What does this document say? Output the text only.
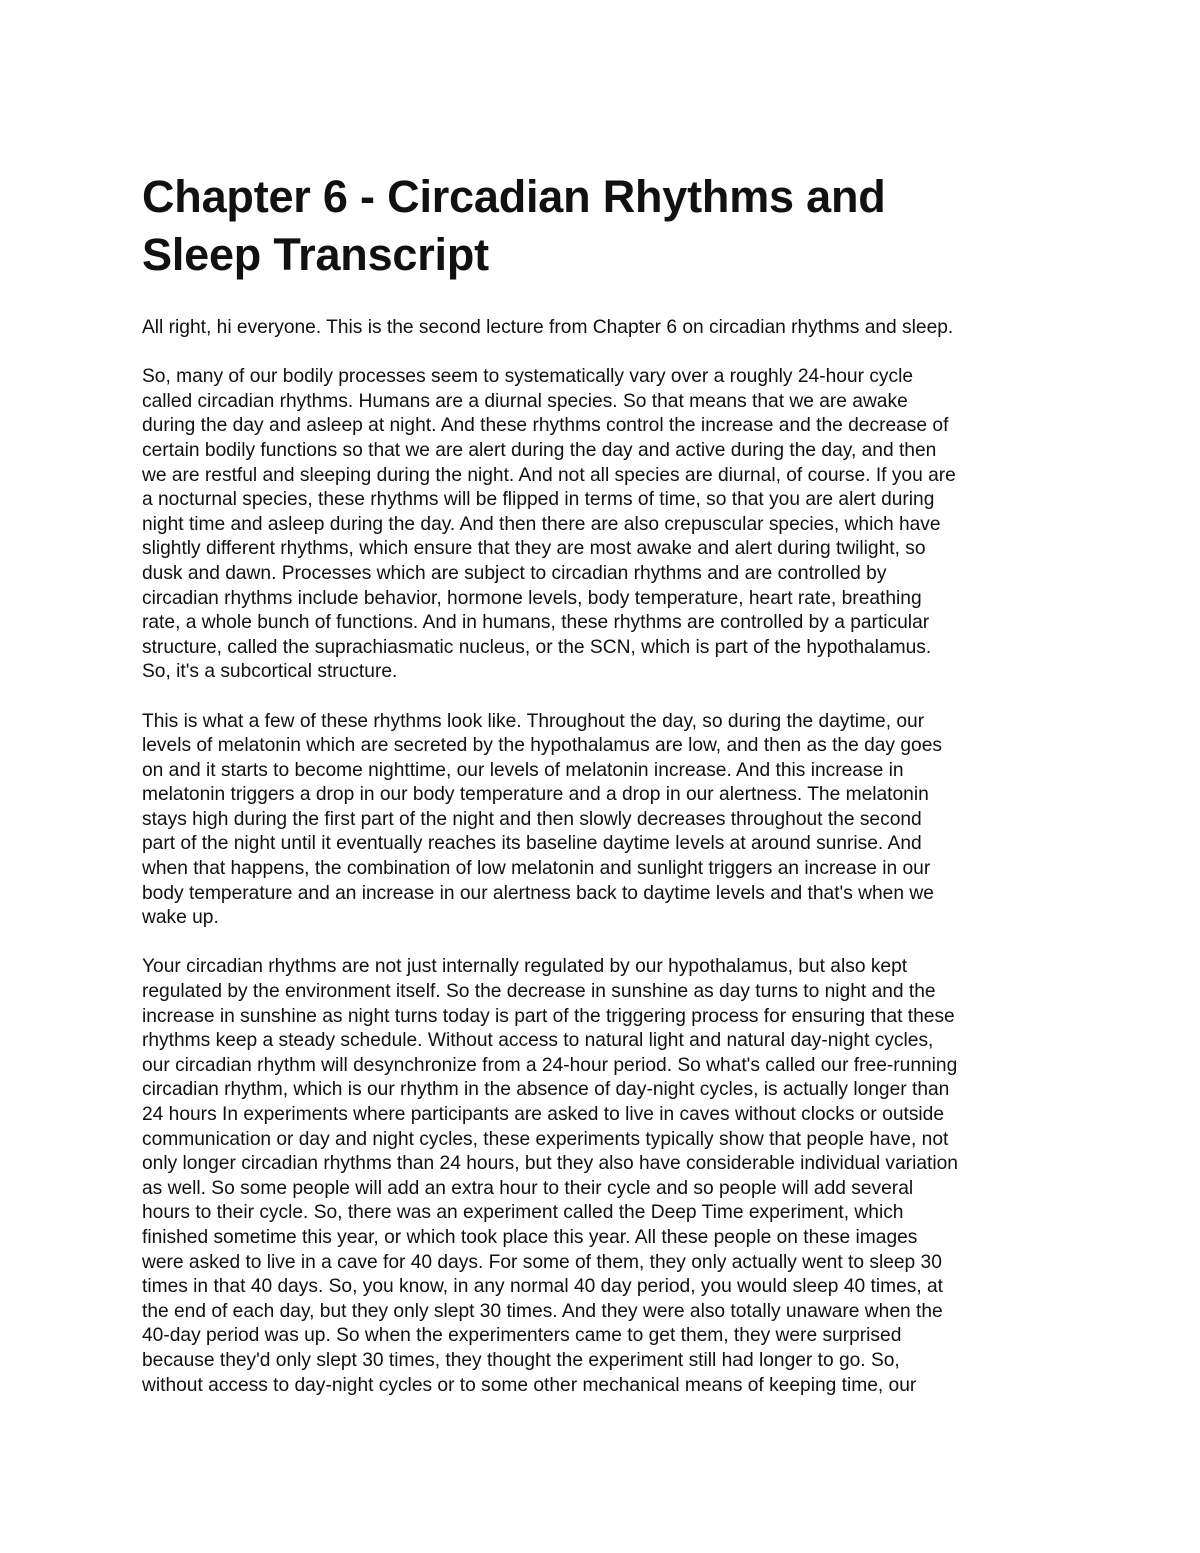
Chapter 6 - Circadian Rhythms and
Sleep Transcript
All right, hi everyone. This is the second lecture from Chapter 6 on circadian rhythms and sleep.
So, many of our bodily processes seem to systematically vary over a roughly 24-hour cycle
called circadian rhythms. Humans are a diurnal species. So that means that we are awake
during the day and asleep at night. And these rhythms control the increase and the decrease of
certain bodily functions so that we are alert during the day and active during the day, and then
we are restful and sleeping during the night. And not all species are diurnal, of course. If you are
a nocturnal species, these rhythms will be flipped in terms of time, so that you are alert during
night time and asleep during the day. And then there are also crepuscular species, which have
slightly different rhythms, which ensure that they are most awake and alert during twilight, so
dusk and dawn. Processes which are subject to circadian rhythms and are controlled by
circadian rhythms include behavior, hormone levels, body temperature, heart rate, breathing
rate, a whole bunch of functions. And in humans, these rhythms are controlled by a particular
structure, called the suprachiasmatic nucleus, or the SCN, which is part of the hypothalamus.
So, it's a subcortical structure.
This is what a few of these rhythms look like. Throughout the day, so during the daytime, our
levels of melatonin which are secreted by the hypothalamus are low, and then as the day goes
on and it starts to become nighttime, our levels of melatonin increase. And this increase in
melatonin triggers a drop in our body temperature and a drop in our alertness. The melatonin
stays high during the first part of the night and then slowly decreases throughout the second
part of the night until it eventually reaches its baseline daytime levels at around sunrise. And
when that happens, the combination of low melatonin and sunlight triggers an increase in our
body temperature and an increase in our alertness back to daytime levels and that's when we
wake up.
Your circadian rhythms are not just internally regulated by our hypothalamus, but also kept
regulated by the environment itself. So the decrease in sunshine as day turns to night and the
increase in sunshine as night turns today is part of the triggering process for ensuring that these
rhythms keep a steady schedule. Without access to natural light and natural day-night cycles,
our circadian rhythm will desynchronize from a 24-hour period. So what's called our free-running
circadian rhythm, which is our rhythm in the absence of day-night cycles, is actually longer than
24 hours In experiments where participants are asked to live in caves without clocks or outside
communication or day and night cycles, these experiments typically show that people have, not
only longer circadian rhythms than 24 hours, but they also have considerable individual variation
as well. So some people will add an extra hour to their cycle and so people will add several
hours to their cycle. So, there was an experiment called the Deep Time experiment, which
finished sometime this year, or which took place this year. All these people on these images
were asked to live in a cave for 40 days. For some of them, they only actually went to sleep 30
times in that 40 days. So, you know, in any normal 40 day period, you would sleep 40 times, at
the end of each day, but they only slept 30 times. And they were also totally unaware when the
40-day period was up. So when the experimenters came to get them, they were surprised
because they'd only slept 30 times, they thought the experiment still had longer to go. So,
without access to day-night cycles or to some other mechanical means of keeping time, our
